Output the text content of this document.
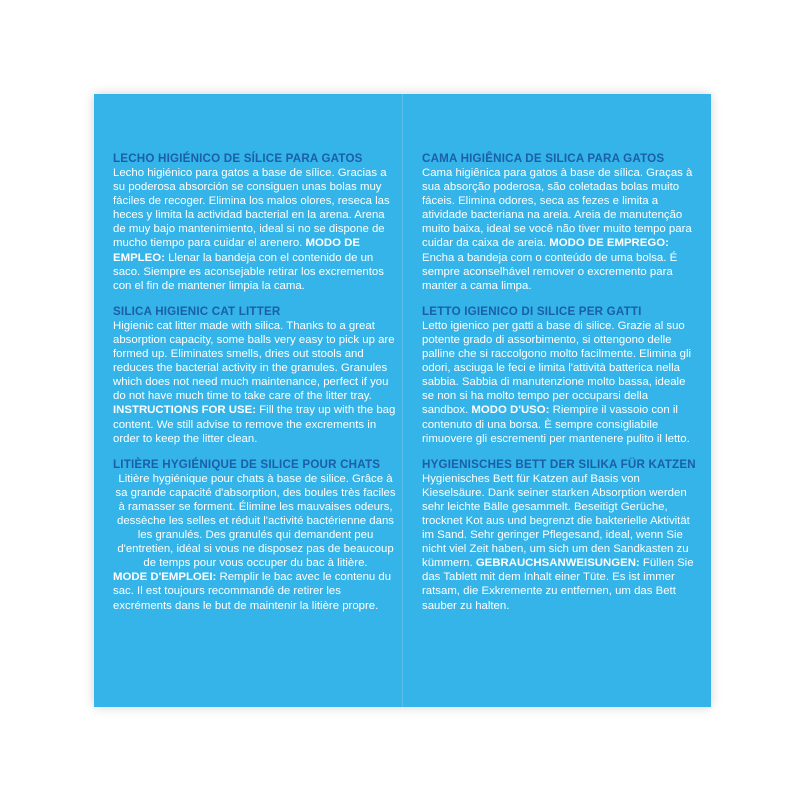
LECHO HIGIÉNICO DE SÍLICE PARA GATOS
Lecho higiénico para gatos a base de sílice. Gracias a su poderosa absorción se consiguen unas bolas muy fáciles de recoger. Elimina los malos olores, reseca las heces y limita la actividad bacterial en la arena. Arena de muy bajo mantenimiento, ideal si no se dispone de mucho tiempo para cuidar el arenero. MODO DE EMPLEO: Llenar la bandeja con el contenido de un saco. Siempre es aconsejable retirar los excrementos con el fin de mantener limpia la cama.
SILICA HIGIENIC CAT LITTER
Higienic cat litter made with silica. Thanks to a great absorption capacity, some balls very easy to pick up are formed up. Eliminates smells, dries out stools and reduces the bacterial activity in the granules. Granules which does not need much maintenance, perfect if you do not have much time to take care of the litter tray. INSTRUCTIONS FOR USE: Fill the tray up with the bag content. We still advise to remove the excrements in order to keep the litter clean.
LITIÈRE HYGIÉNIQUE DE SILICE POUR CHATS
Litière hygiénique pour chats à base de silice. Grâce à sa grande capacité d'absorption, des boules très faciles à ramasser se forment. Élimine les mauvaises odeurs, dessèche les selles et réduit l'activité bactérienne dans les granulés. Des granulés qui demandent peu d'entretien, idéal si vous ne disposez pas de beaucoup de temps pour vous occuper du bac à litière.
MODE D'EMPLOEI: Remplir le bac avec le contenu du sac. Il est toujours recommandé de retirer les excréments dans le but de maintenir la litière propre.
CAMA HIGIÊNICA DE SILICA PARA GATOS
Cama higiênica para gatos à base de sílica. Graças à sua absorção poderosa, são coletadas bolas muito fáceis. Elimina odores, seca as fezes e limita a atividade bacteriana na areia. Areia de manutenção muito baixa, ideal se você não tiver muito tempo para cuidar da caixa de areia. MODO DE EMPREGO: Encha a bandeja com o conteúdo de uma bolsa. É sempre aconselhável remover o excremento para manter a cama limpa.
LETTO IGIENICO DI SILICE PER GATTI
Letto igienico per gatti a base di silice. Grazie al suo potente grado di assorbimento, si ottengono delle palline che si raccolgono molto facilmente. Elimina gli odori, asciuga le feci e limita l'attività batterica nella sabbia. Sabbia di manutenzione molto bassa, ideale se non si ha molto tempo per occuparsi della sandbox. MODO D'USO: Riempire il vassoio con il contenuto di una borsa. È sempre consigliabile rimuovere gli escrementi per mantenere pulito il letto.
HYGIENISCHES BETT DER SILIKA FÜR KATZEN
Hygienisches Bett für Katzen auf Basis von Kieselsäure. Dank seiner starken Absorption werden sehr leichte Bälle gesammelt. Beseitigt Gerüche, trocknet Kot aus und begrenzt die bakterielle Aktivität im Sand. Sehr geringer Pflegesand, ideal, wenn Sie nicht viel Zeit haben, um sich um den Sandkasten zu kümmern. GEBRAUCHSANWEISUNGEN: Füllen Sie das Tablett mit dem Inhalt einer Tüte. Es ist immer ratsam, die Exkremente zu entfernen, um das Bett sauber zu halten.
